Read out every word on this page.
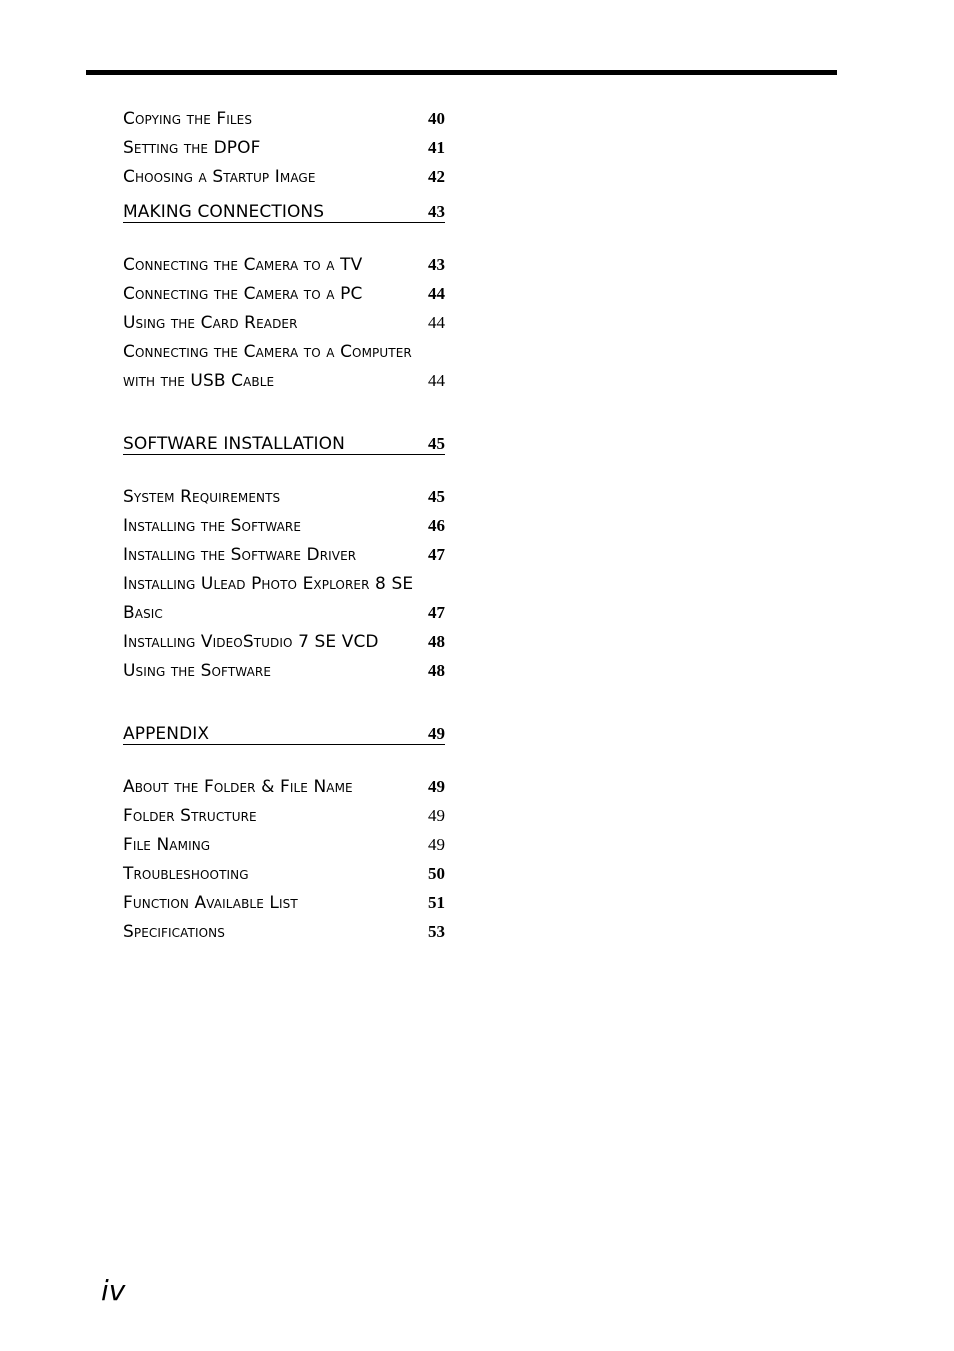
Copying the Files	40
Setting the DPOF	41
Choosing a Startup Image	42
MAKING CONNECTIONS	43
Connecting the Camera to a TV	43
Connecting the Camera to a PC	44
Using the Card Reader	44
Connecting the Camera to a Computer
with the USB Cable	44
SOFTWARE INSTALLATION	45
System Requirements	45
Installing the Software	46
Installing the Software Driver	47
Installing Ulead Photo Explorer 8 SE
Basic	47
Installing VideoStudio 7 SE VCD	48
Using the Software	48
APPENDIX	49
About the Folder & File Name	49
Folder Structure	49
File Naming	49
Troubleshooting	50
Function Available List	51
Specifications	53
iv
